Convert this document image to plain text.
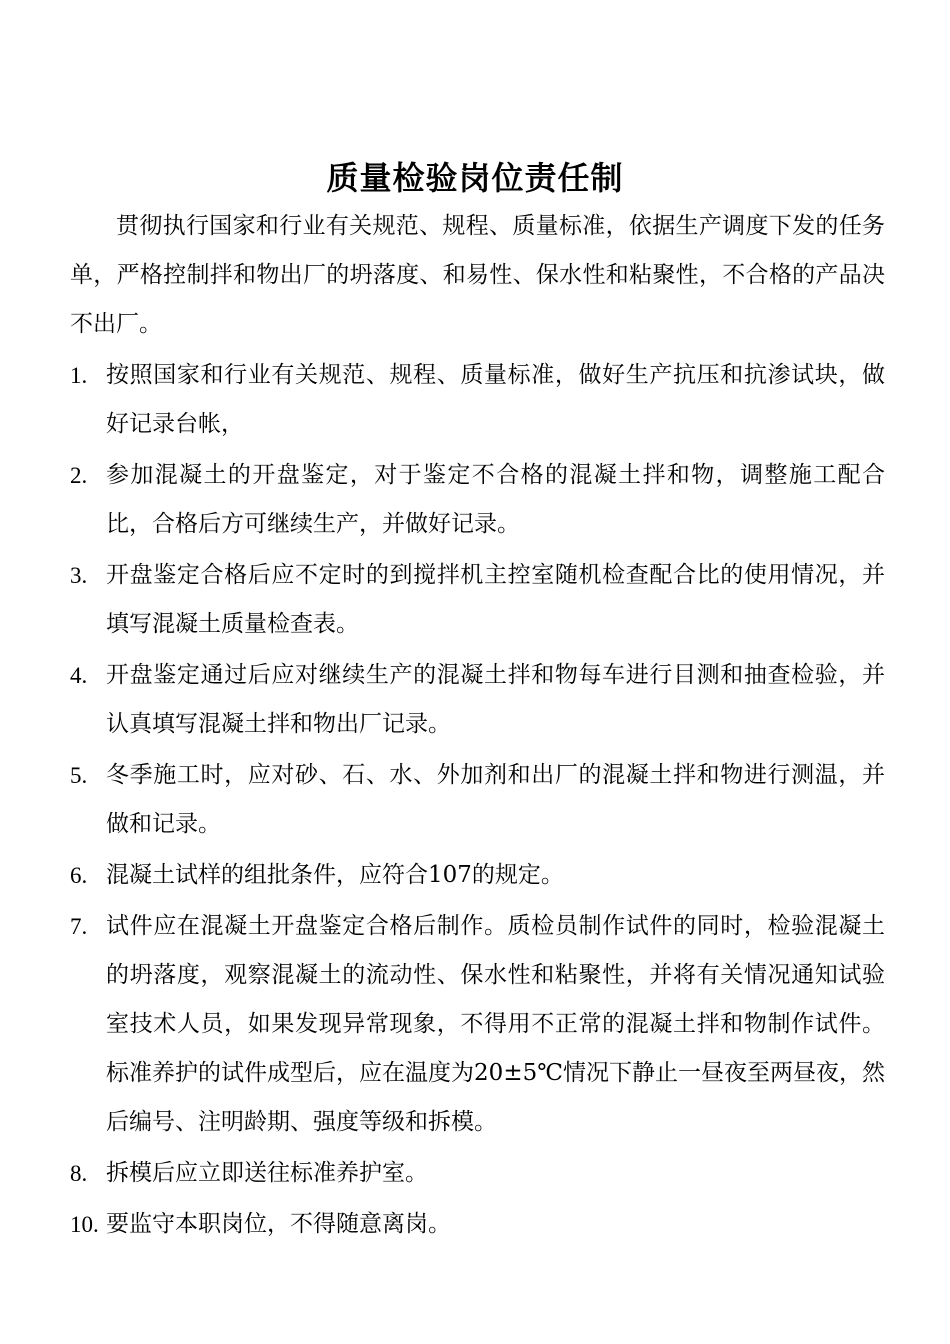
质量检验岗位责任制

贯彻执行国家和行业有关规范、规程、质量标准，依据生产调度下发的任务单，严格控制拌和物出厂的坍落度、和易性、保水性和粘聚性，不合格的产品决不出厂。

1. 按照国家和行业有关规范、规程、质量标准，做好生产抗压和抗渗试块，做好记录台帐，
2. 参加混凝土的开盘鉴定，对于鉴定不合格的混凝土拌和物，调整施工配合比，合格后方可继续生产，并做好记录。
3. 开盘鉴定合格后应不定时的到搅拌机主控室随机检查配合比的使用情况，并填写混凝土质量检查表。
4. 开盘鉴定通过后应对继续生产的混凝土拌和物每车进行目测和抽查检验，并认真填写混凝土拌和物出厂记录。
5. 冬季施工时，应对砂、石、水、外加剂和出厂的混凝土拌和物进行测温，并做和记录。
6. 混凝土试样的组批条件，应符合107的规定。
7. 试件应在混凝土开盘鉴定合格后制作。质检员制作试件的同时，检验混凝土的坍落度，观察混凝土的流动性、保水性和粘聚性，并将有关情况通知试验室技术人员，如果发现异常现象，不得用不正常的混凝土拌和物制作试件。标准养护的试件成型后，应在温度为20±5℃情况下静止一昼夜至两昼夜，然后编号、注明龄期、强度等级和拆模。
8. 拆模后应立即送往标准养护室。
10. 要监守本职岗位，不得随意离岗。
